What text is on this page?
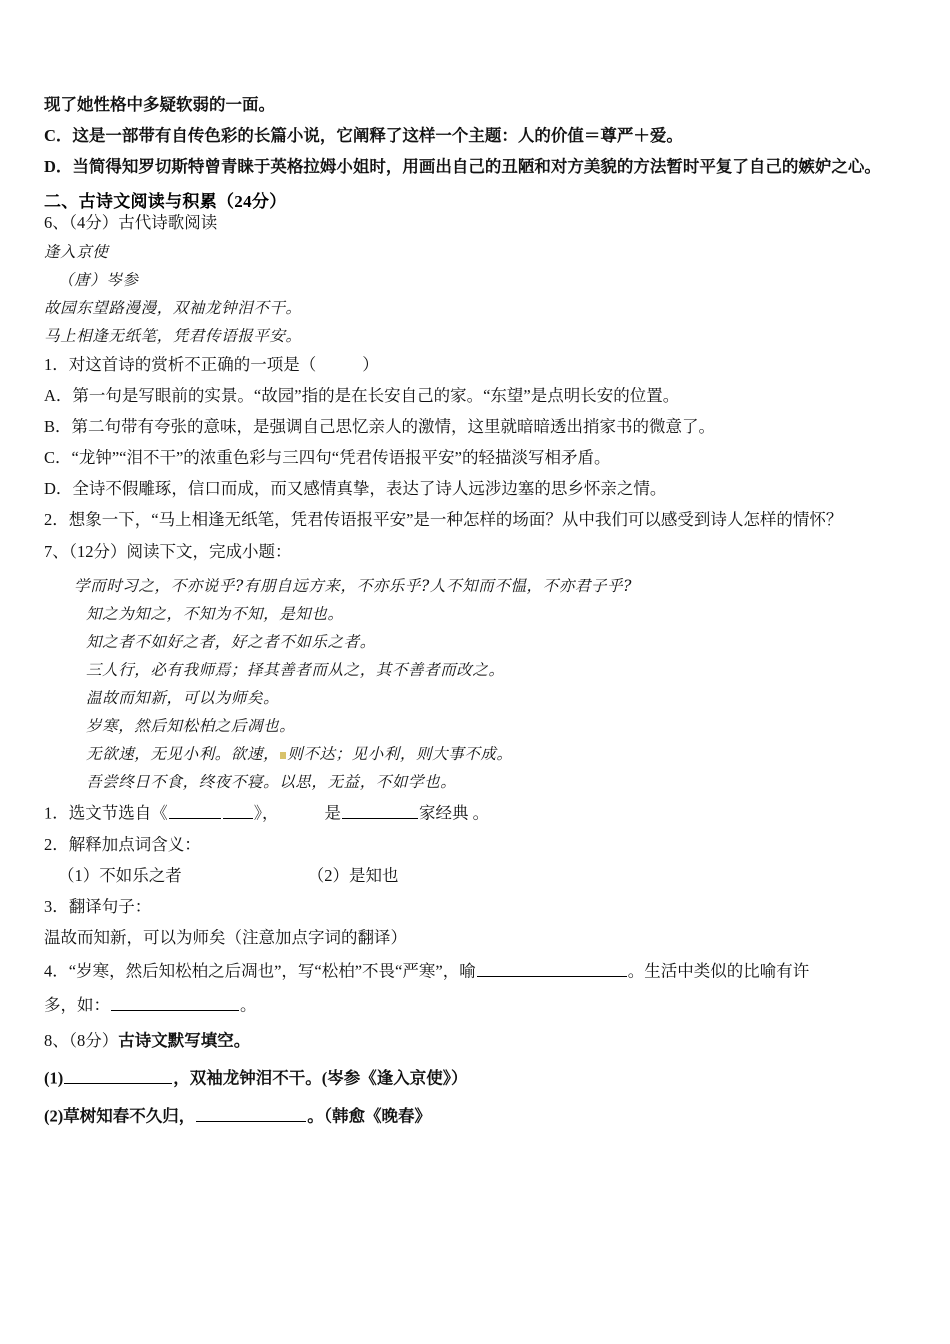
现了她性格中多疑软弱的一面。

C．这是一部带有自传色彩的长篇小说，它阐释了这样一个主题：人的价值＝尊严＋爱。

D．当简得知罗切斯特曾青睐于英格拉姆小姐时，用画出自己的丑陋和对方美貌的方法暂时平复了自己的嫉妒之心。

二、古诗文阅读与积累（24分）

6、（4分）古代诗歌阅读

逢入京使

（唐）岑参

故园东望路漫漫，双袖龙钟泪不干。

马上相逢无纸笔，凭君传语报平安。

1．对这首诗的赏析不正确的一项是（	）

A．第一句是写眼前的实景。“故园”指的是在长安自己的家。“东望”是点明长安的位置。

B．第二句带有夸张的意味，是强调自己思忆亲人的激情，这里就暗暗透出捎家书的微意了。

C．“龙钟”“泪不干”的浓重色彩与三四句“凭君传语报平安”的轻描淡写相矛盾。

D．全诗不假雕琢，信口而成，而又感情真挚，表达了诗人远涉边塞的思乡怀亲之情。

2．想象一下，“马上相逢无纸笔，凭君传语报平安”是一种怎样的场面？从中我们可以感受到诗人怎样的情怀？

7、（12分）阅读下文，完成小题：

学而时习之，不亦说乎?有朋自远方来，不亦乐乎?人不知而不愠，不亦君子乎?

知之为知之，不知为不知，是知也。

知之者不如好之者，好之者不如乐之者。

三人行，必有我师焉；择其善者而从之，其不善者而改之。

温故而知新，可以为师矣。

岁寒，然后知松柏之后凋也。

无欲速，无见小利。欲速， 则不达；见小利，则大事不成。

吾尝终日不食，终夜不寝。以思，无益，不如学也。

1．选文节选自《	》，	是	家经典 。

2．解释加点词含义：

（1）不如乐之者	（2）是知也

3．翻译句子：

温故而知新，可以为师矣（注意加点字词的翻译）

4．“岁寒，然后知松柏之后凋也”，写“松柏”不畏“严寒”，喻	。生活中类似的比喻有许

多，如：	。

8、（8分）古诗文默写填空。

(1)	，双袖龙钟泪不干。(岑参《逢入京使》）

(2)草树知春不久归，	。（韩愈《晚春》
